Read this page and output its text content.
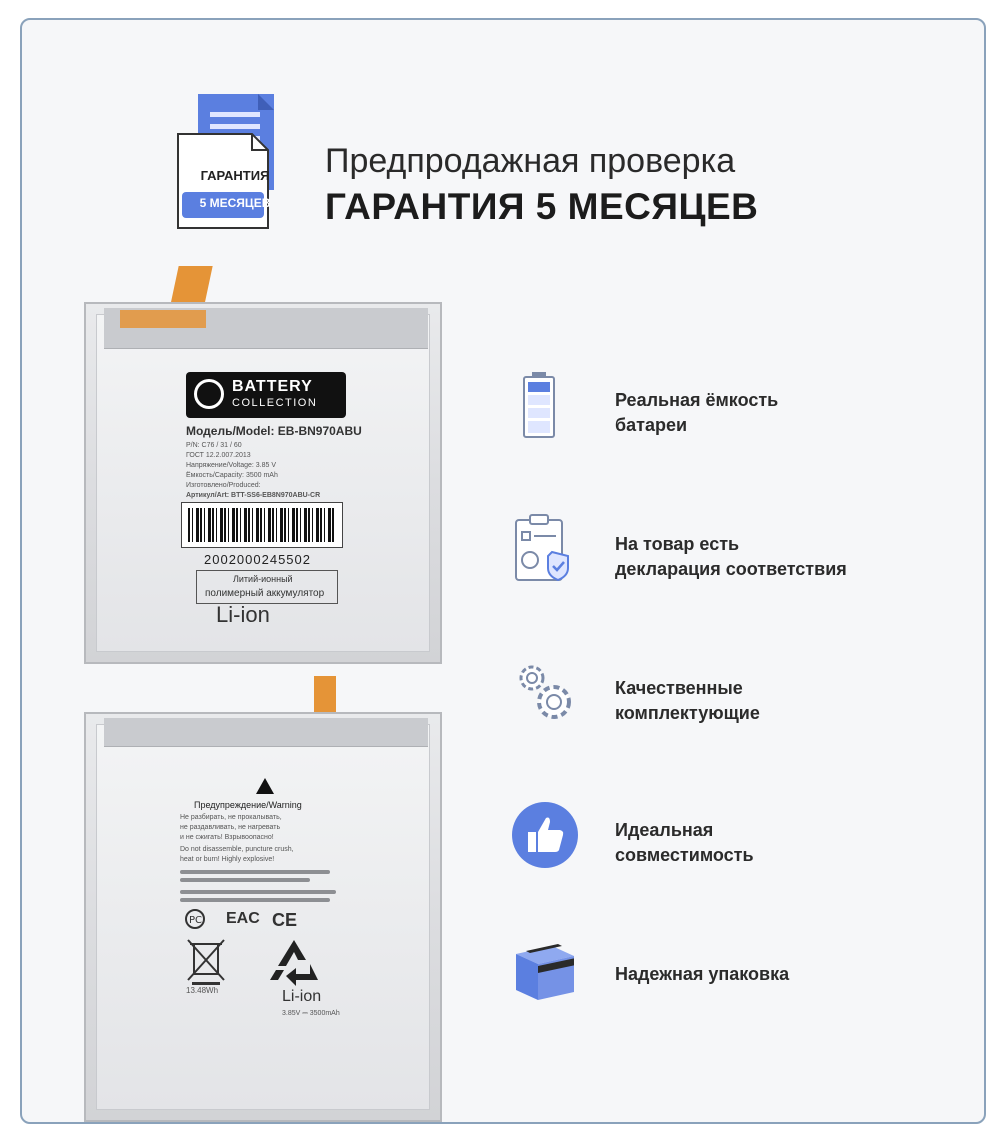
ГАРАНТИЯ
5 МЕСЯЦЕВ
Предпродажная проверка
ГАРАНТИЯ 5 МЕСЯЦЕВ
BATTERY
COLLECTION
Модель/Model: EB-BN970ABU
P/N: C76 / 31 / 60
ГОСТ 12.2.007.2013
Напряжение/Voltage: 3.85 V
Ёмкость/Capacity: 3500 mAh
Изготовлено/Produced:
Артикул/Art: BTT-SS6-EB8N970ABU-CR
2002000245502
Литий-ионный
полимерный аккумулятор
Li-ion
Предупреждение/Warning
Не разбирать, не прокалывать,
не раздавливать, не нагревать
и не сжигать! Взрывоопасно!
Do not disassemble, puncture crush,
heat or burn! Highly explosive!
PC EAC CE
13.48Wh	Li-ion
3.85V ⎓ 3500mAh
Реальная ёмкость
батареи
На товар есть
декларация соответствия
Качественные
комплектующие
Идеальная
совместимость
Надежная упаковка
